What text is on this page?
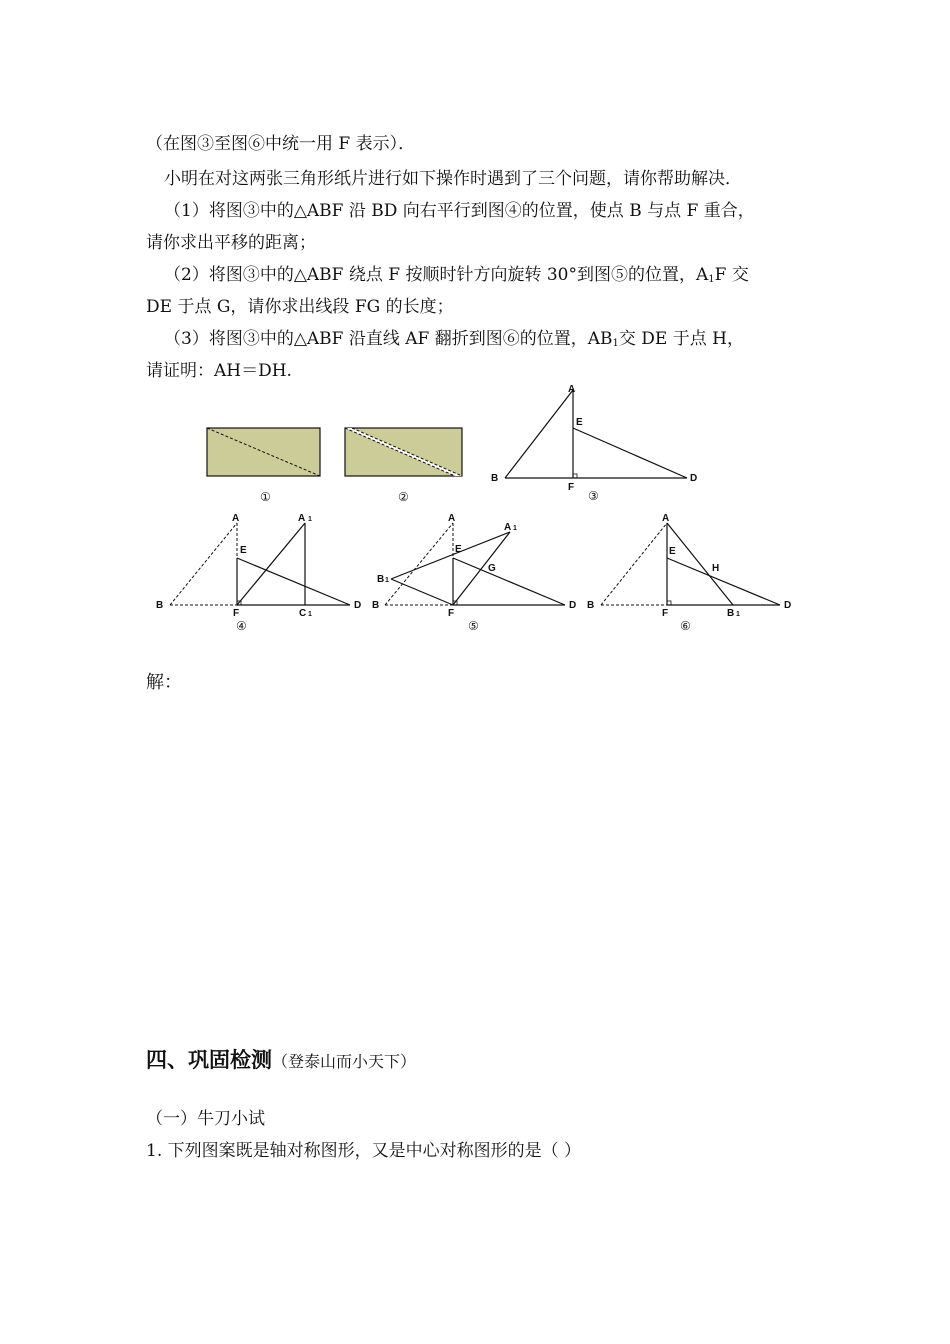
（在图③至图⑥中统一用 F 表示）．
小明在对这两张三角形纸片进行如下操作时遇到了三个问题，请你帮助解决．
（1）将图③中的△ABF 沿 BD 向右平行到图④的位置，使点 B 与点 F 重合，
请你求出平移的距离；
（2）将图③中的△ABF 绕点 F 按顺时针方向旋转 30°到图⑤的位置，$A_1F$ 交
DE 于点 G，请你求出线段 FG 的长度；
（3）将图③中的△ABF 沿直线 AF 翻折到图⑥的位置，$AB_1$交 DE 于点 H，
请证明：AH＝DH.
①	②
A
E
B
F
D
③
A	A 1
E
B
F	C 1
D
④
A
A 1
E
G
B 1
B
F
D
⑤
A
E
H
B
F	B 1
D
⑥
解：
四、巩固检测（登泰山而小天下）
（一）牛刀小试
1. 下列图案既是轴对称图形，又是中心对称图形的是（ ）
